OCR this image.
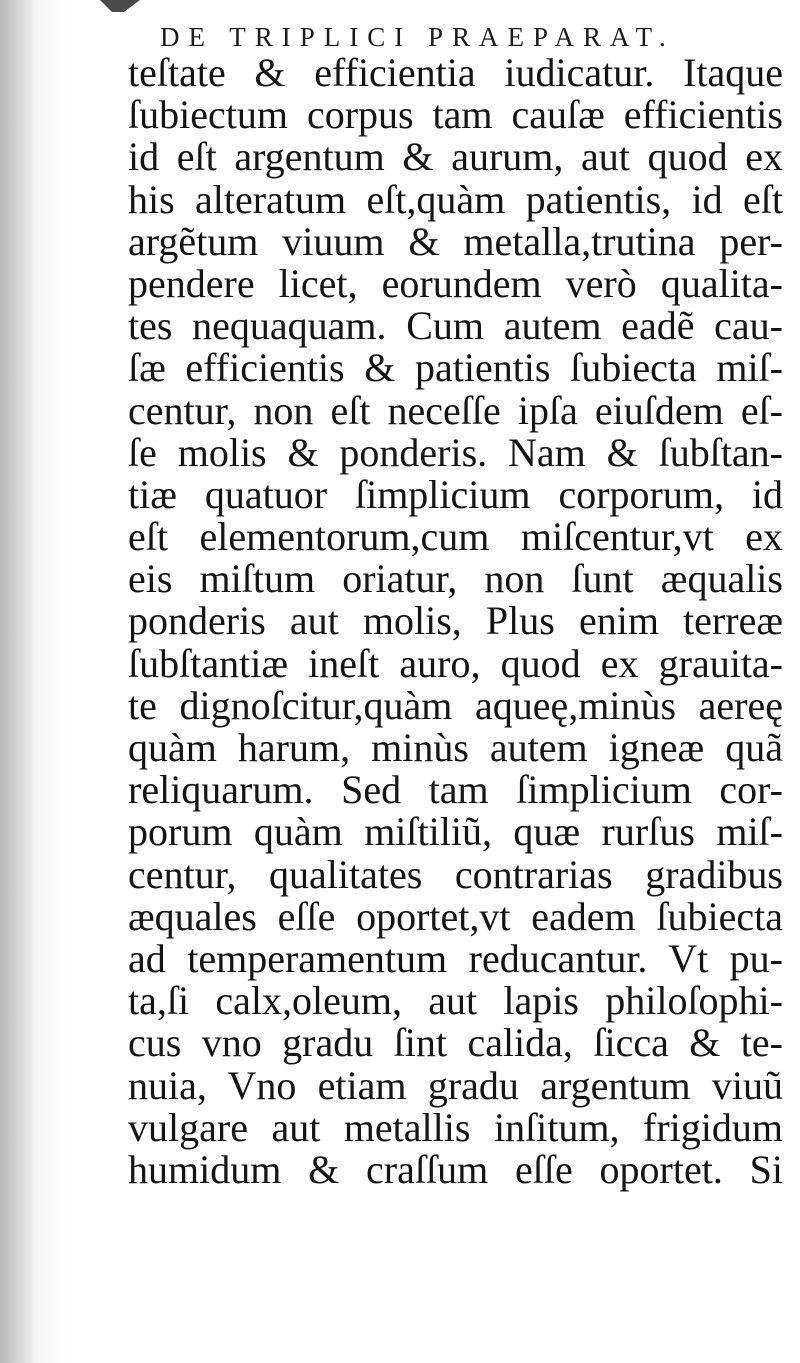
DE TRIPLICI PRAEPARAT.
teſtate & efficientia iudicatur. Itaque
ſubiectum corpus tam cauſæ efficientis
id eſt argentum & aurum, aut quod ex
his alteratum eſt,quàm patientis, id eſt
argẽtum viuum & metalla,trutina per-
pendere licet, eorundem verò qualita-
tes nequaquam. Cum autem eadẽ cau-
ſæ efficientis & patientis ſubiecta miſ-
centur, non eſt neceſſe ipſa eiuſdem eſ-
ſe molis & ponderis. Nam & ſubſtan-
tiæ quatuor ſimplicium corporum, id
eſt elementorum,cum miſcentur,vt ex
eis miſtum oriatur, non ſunt æqualis
ponderis aut molis, Plus enim terreæ
ſubſtantiæ ineſt auro, quod ex grauita-
te dignoſcitur,quàm aqueę,minùs aereę
quàm harum, minùs autem igneæ quã
reliquarum. Sed tam ſimplicium cor-
porum quàm miſtiliũ, quæ rurſus miſ-
centur, qualitates contrarias gradibus
æquales eſſe oportet,vt eadem ſubiecta
ad temperamentum reducantur. Vt pu-
ta,ſi calx,oleum, aut lapis philoſophi-
cus vno gradu ſint calida, ſicca & te-
nuia, Vno etiam gradu argentum viuũ
vulgare aut metallis inſitum, frigidum
humidum & craſſum eſſe oportet. Si
